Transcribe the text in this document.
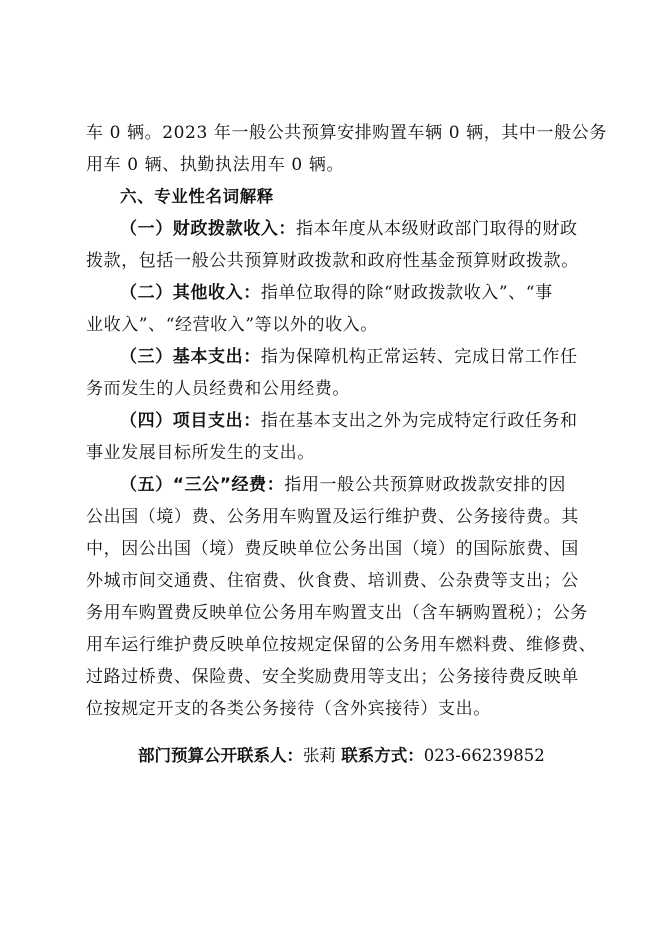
车 0 辆。2023 年一般公共预算安排购置车辆 0 辆，其中一般公务
用车 0 辆、执勤执法用车 0 辆。
六、专业性名词解释
（一）财政拨款收入：指本年度从本级财政部门取得的财政
拨款，包括一般公共预算财政拨款和政府性基金预算财政拨款。
（二）其他收入：指单位取得的除“财政拨款收入”、“事
业收入”、“经营收入”等以外的收入。
（三）基本支出：指为保障机构正常运转、完成日常工作任
务而发生的人员经费和公用经费。
（四）项目支出：指在基本支出之外为完成特定行政任务和
事业发展目标所发生的支出。
（五）“三公”经费：指用一般公共预算财政拨款安排的因
公出国（境）费、公务用车购置及运行维护费、公务接待费。其
中，因公出国（境）费反映单位公务出国（境）的国际旅费、国
外城市间交通费、住宿费、伙食费、培训费、公杂费等支出；公
务用车购置费反映单位公务用车购置支出（含车辆购置税）；公务
用车运行维护费反映单位按规定保留的公务用车燃料费、维修费、
过路过桥费、保险费、安全奖励费用等支出；公务接待费反映单
位按规定开支的各类公务接待（含外宾接待）支出。
部门预算公开联系人：张莉 联系方式：023-66239852
